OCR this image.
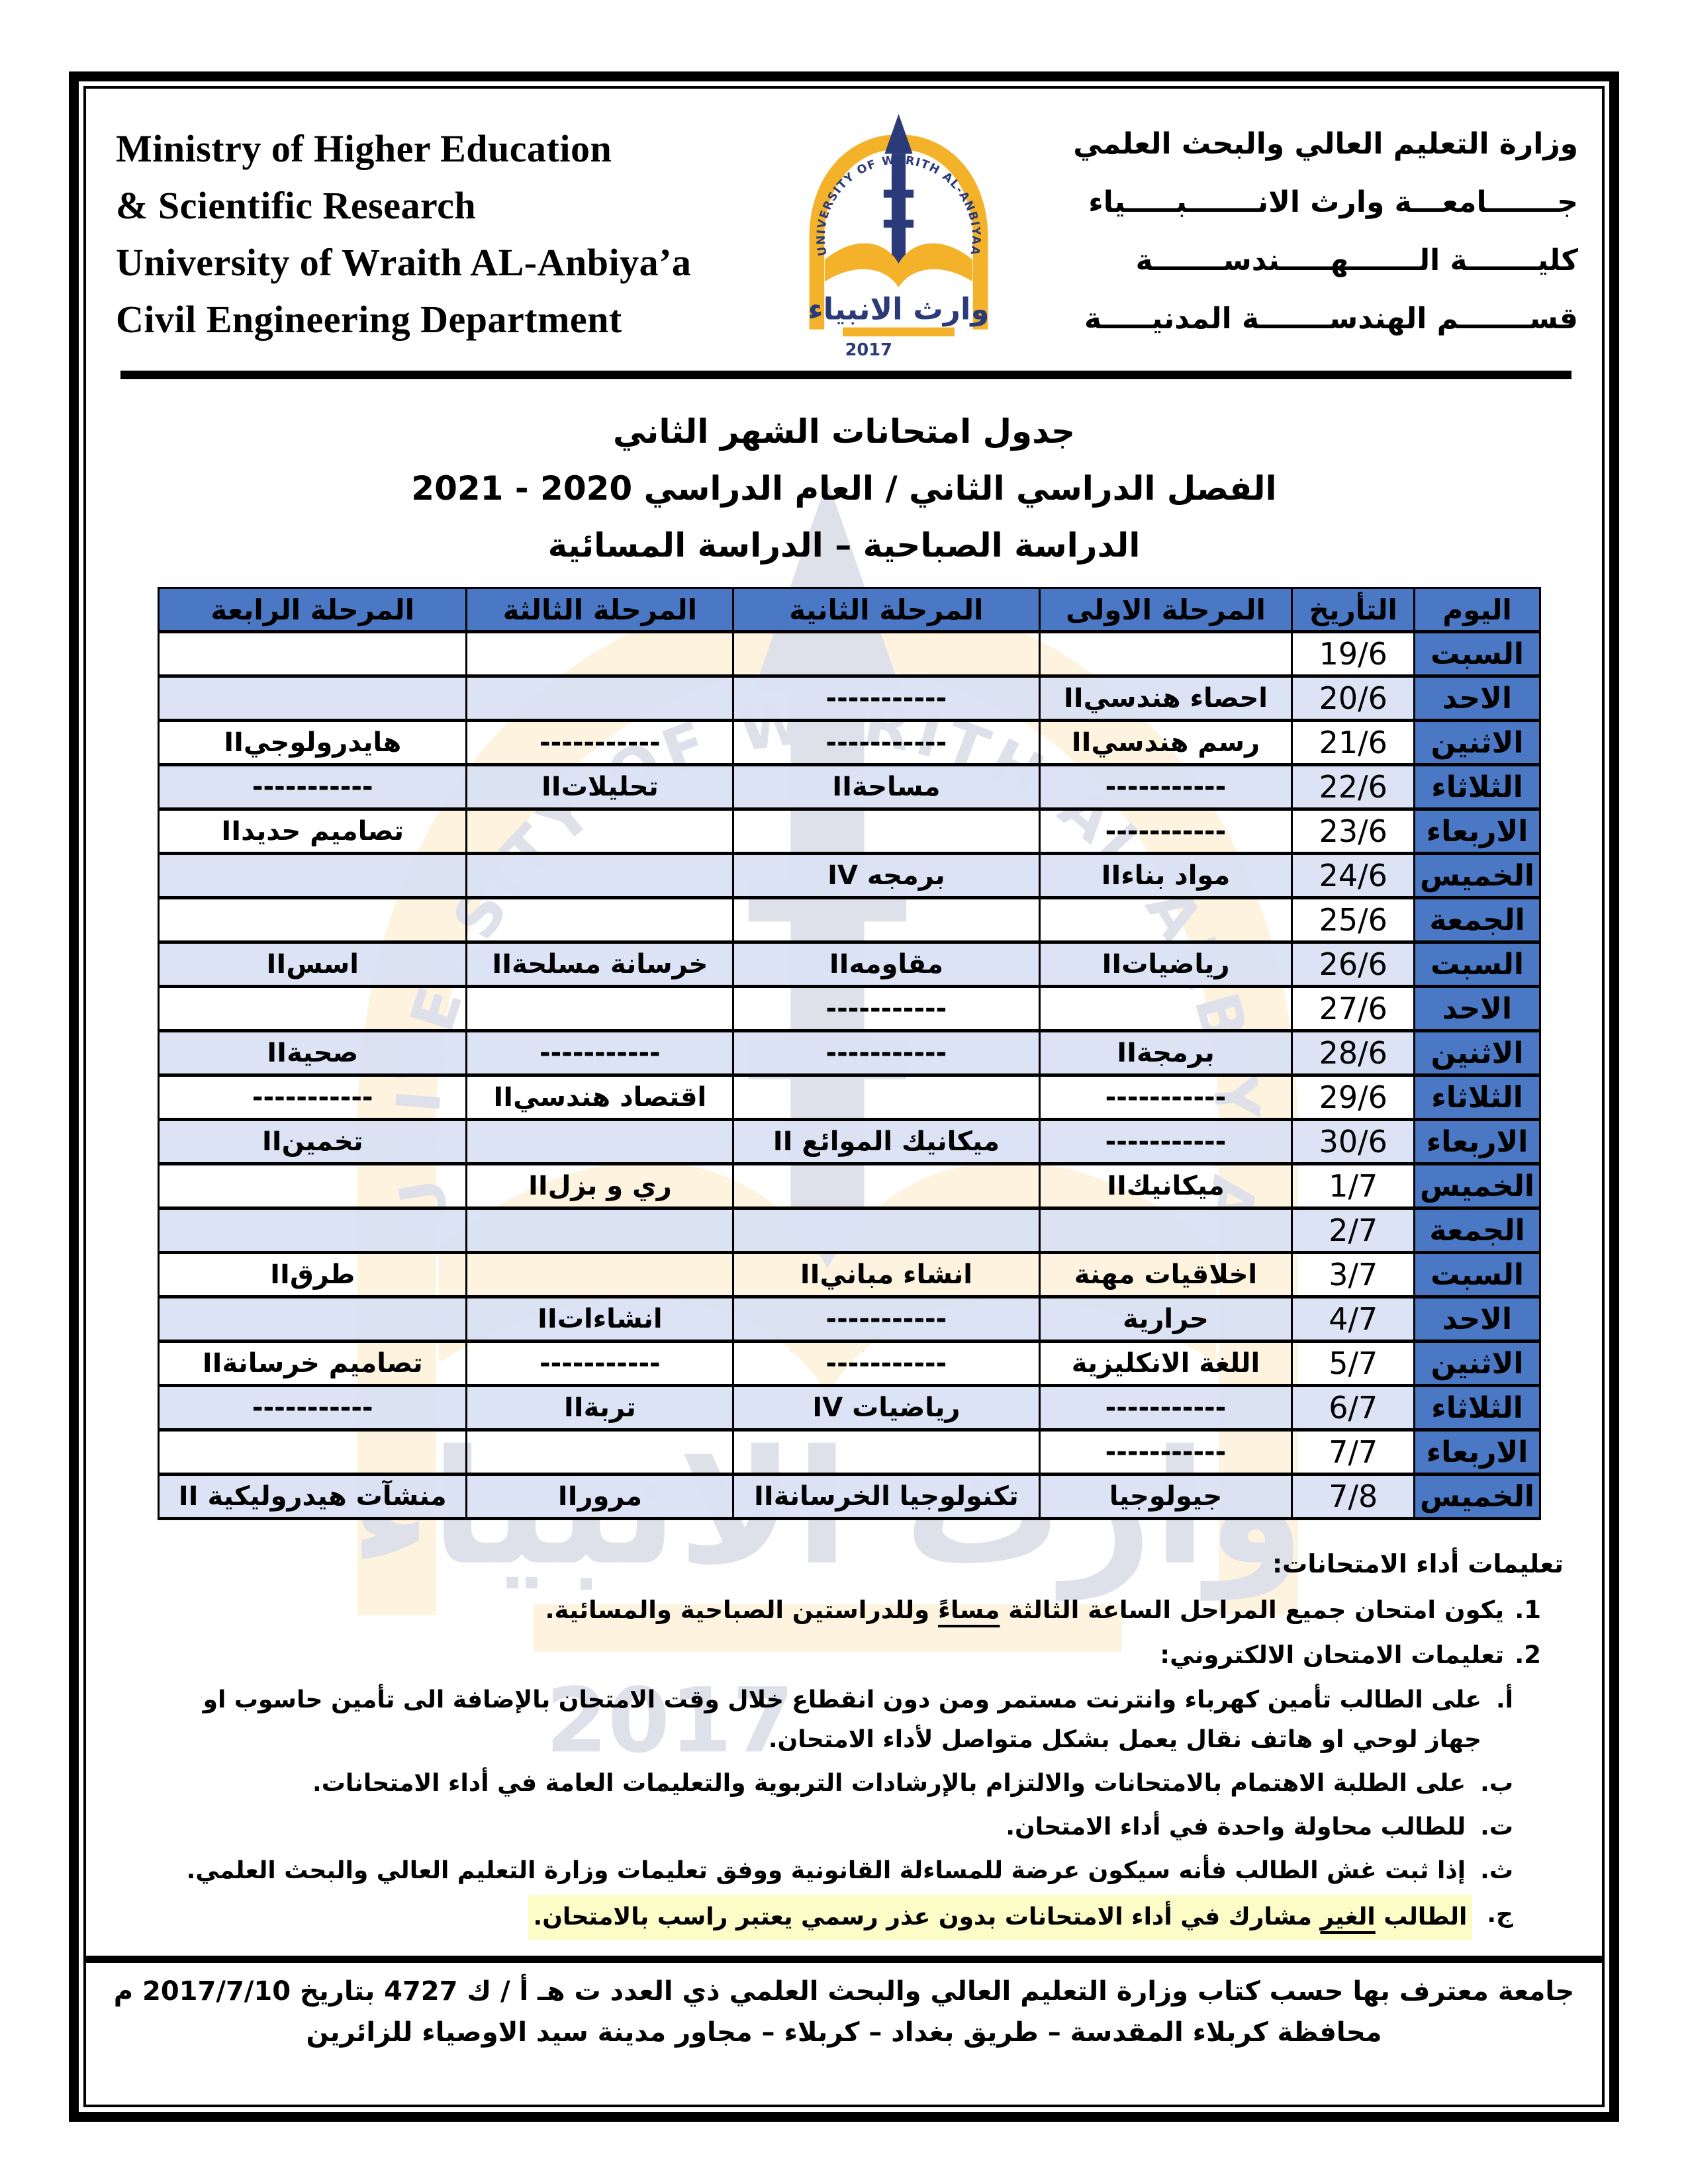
Ministry of Higher Education
& Scientific Research
University of Wraith AL-Anbiya’a
Civil Engineering Department
وزارة التعليم العالي والبحث العلمي
جـــــــامعـــة وارث الانـــــــبـــــياء
كليـــــــة الـــــــهـــــندســـــــة
قســـــــم الهندســـــــة المدنيـــــة
جدول امتحانات الشهر الثاني
الفصل الدراسي الثاني / العام الدراسي 2020 - 2021
الدراسة الصباحية – الدراسة المسائية
اليوم	التأريخ	المرحلة الاولى	المرحلة الثانية	المرحلة الثالثة	المرحلة الرابعة
السبت	19/6				
الاحد	20/6	احصاء هندسيII	-----------		
الاثنين	21/6	رسم هندسيII	-----------	-----------	هايدرولوجيII
الثلاثاء	22/6	-----------	مساحةII	تحليلاتII	-----------
الاربعاء	23/6	-----------			تصاميم حديدII
الخميس	24/6	مواد بناءII	برمجه IV		
الجمعة	25/6				
السبت	26/6	رياضياتII	مقاومهII	خرسانة مسلحةII	اسسII
الاحد	27/6		-----------		
الاثنين	28/6	برمجةII	-----------	-----------	صحيةII
الثلاثاء	29/6	-----------		اقتصاد هندسيII	-----------
الاربعاء	30/6	-----------	ميكانيك الموائع II		تخمينII
الخميس	1/7	ميكانيكII		ري و بزلII	
الجمعة	2/7				
السبت	3/7	اخلاقيات مهنة	انشاء مبانيII		طرقII
الاحد	4/7	حرارية	-----------	انشاءاتII	
الاثنين	5/7	اللغة الانكليزية	-----------	-----------	تصاميم خرسانةII
الثلاثاء	6/7	-----------	رياضيات IV	تربةII	-----------
الاربعاء	7/7	-----------			
الخميس	7/8	جيولوجيا	تكنولوجيا الخرسانةII	مرورII	منشآت هيدروليكية II
تعليمات أداء الامتحانات:
1.
يكون امتحان جميع المراحل الساعة الثالثة مساءً وللدراستين الصباحية والمسائية.
2.
تعليمات الامتحان الالكتروني:
أ.
على الطالب تأمين كهرباء وانترنت مستمر ومن دون انقطاع خلال وقت الامتحان بالإضافة الى تأمين حاسوب او جهاز لوحي او هاتف نقال يعمل بشكل متواصل لأداء الامتحان.
ب.
على الطلبة الاهتمام بالامتحانات والالتزام بالإرشادات التربوية والتعليمات العامة في أداء الامتحانات.
ت.
للطالب محاولة واحدة في أداء الامتحان.
ث.
إذا ثبت غش الطالب فأنه سيكون عرضة للمساءلة القانونية ووفق تعليمات وزارة التعليم العالي والبحث العلمي.
ج.
الطالب الغير مشارك في أداء الامتحانات بدون عذر رسمي يعتبر راسب بالامتحان.
جامعة معترف بها حسب كتاب وزارة التعليم العالي والبحث العلمي ذي العدد ت هـ أ / ك 4727 بتاريخ 2017/7/10 م
محافظة كربلاء المقدسة – طريق بغداد – كربلاء – مجاور مدينة سيد الاوصياء للزائرين
